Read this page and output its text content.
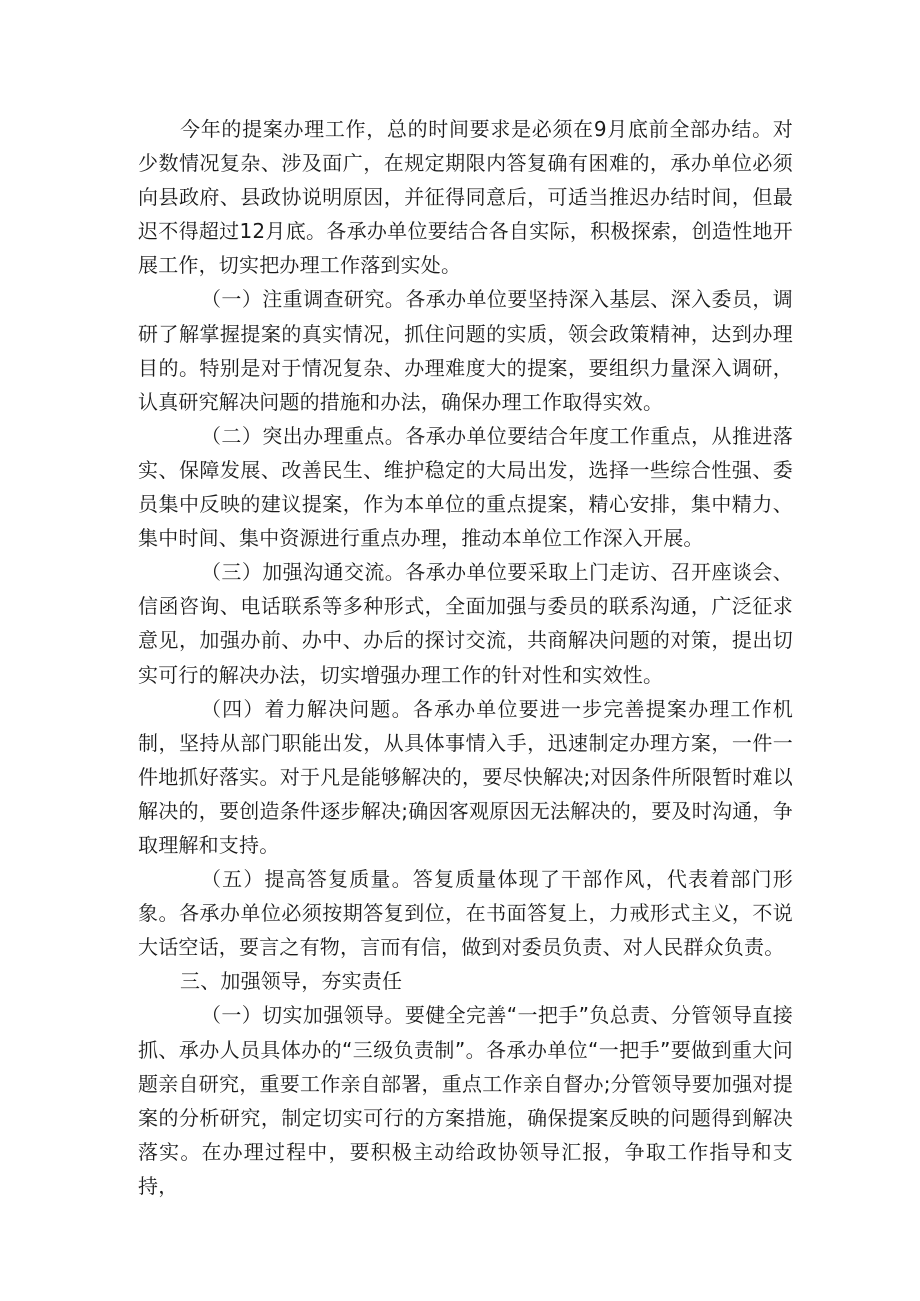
今年的提案办理工作，总的时间要求是必须在9月底前全部办结。对少数情况复杂、涉及面广，在规定期限内答复确有困难的，承办单位必须向县政府、县政协说明原因，并征得同意后，可适当推迟办结时间，但最迟不得超过12月底。各承办单位要结合各自实际，积极探索，创造性地开展工作，切实把办理工作落到实处。

（一）注重调查研究。各承办单位要坚持深入基层、深入委员，调研了解掌握提案的真实情况，抓住问题的实质，领会政策精神，达到办理目的。特别是对于情况复杂、办理难度大的提案，要组织力量深入调研，认真研究解决问题的措施和办法，确保办理工作取得实效。

（二）突出办理重点。各承办单位要结合年度工作重点，从推进落实、保障发展、改善民生、维护稳定的大局出发，选择一些综合性强、委员集中反映的建议提案，作为本单位的重点提案，精心安排，集中精力、集中时间、集中资源进行重点办理，推动本单位工作深入开展。

（三）加强沟通交流。各承办单位要采取上门走访、召开座谈会、信函咨询、电话联系等多种形式，全面加强与委员的联系沟通，广泛征求意见，加强办前、办中、办后的探讨交流，共商解决问题的对策，提出切实可行的解决办法，切实增强办理工作的针对性和实效性。

（四）着力解决问题。各承办单位要进一步完善提案办理工作机制，坚持从部门职能出发，从具体事情入手，迅速制定办理方案，一件一件地抓好落实。对于凡是能够解决的，要尽快解决;对因条件所限暂时难以解决的，要创造条件逐步解决;确因客观原因无法解决的，要及时沟通，争取理解和支持。

（五）提高答复质量。答复质量体现了干部作风，代表着部门形象。各承办单位必须按期答复到位，在书面答复上，力戒形式主义，不说大话空话，要言之有物，言而有信，做到对委员负责、对人民群众负责。

三、加强领导，夯实责任

（一）切实加强领导。要健全完善“一把手”负总责、分管领导直接抓、承办人员具体办的“三级负责制”。各承办单位“一把手”要做到重大问题亲自研究，重要工作亲自部署，重点工作亲自督办;分管领导要加强对提案的分析研究，制定切实可行的方案措施，确保提案反映的问题得到解决落实。在办理过程中，要积极主动给政协领导汇报，争取工作指导和支持，
